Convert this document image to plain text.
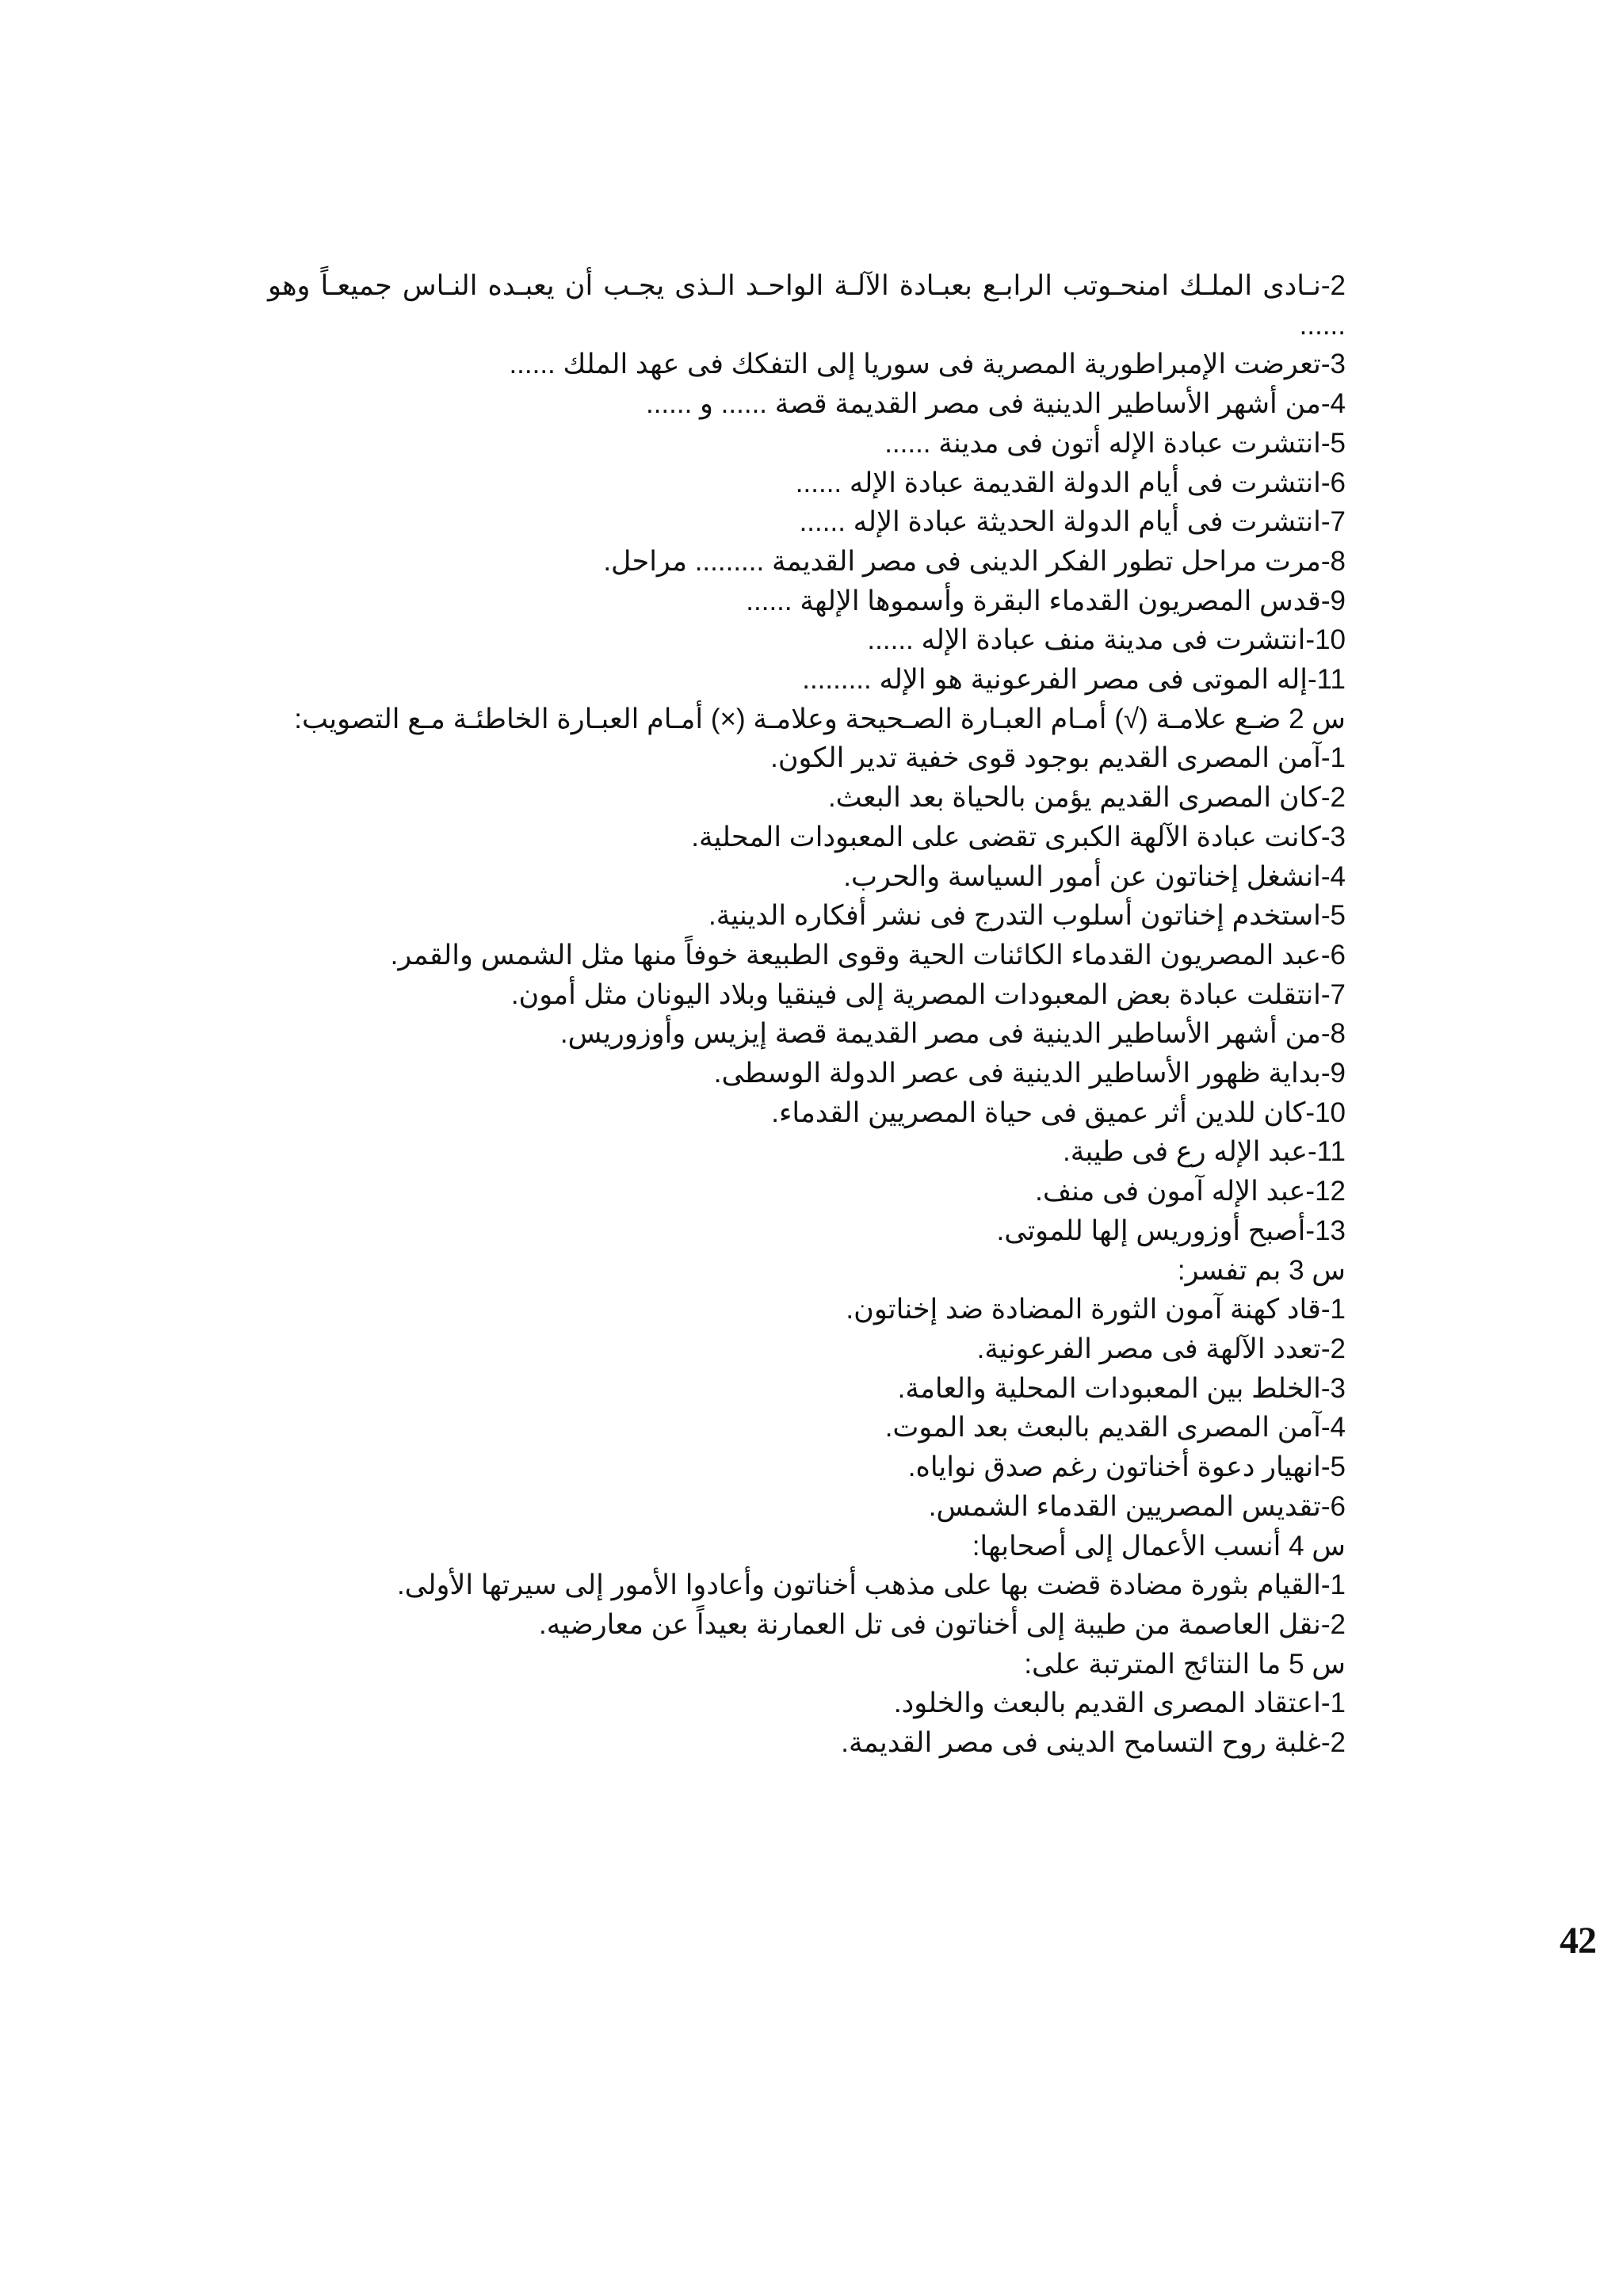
2-نـادى الملـك امنحـوتب الرابـع بعبـادة الآلـة الواحـد الـذى يجـب أن يعبـده النـاس جميعـاً وهو ......

3-تعرضت الإمبراطورية المصرية فى سوريا إلى التفكك فى عهد الملك ......

4-من أشهر الأساطير الدينية فى مصر القديمة قصة ...... و ......

5-انتشرت عبادة الإله أتون فى مدينة ......

6-انتشرت فى أيام الدولة القديمة عبادة الإله ......

7-انتشرت فى أيام الدولة الحديثة عبادة الإله ......

8-مرت مراحل تطور الفكر الدينى فى مصر القديمة ......... مراحل.

9-قدس المصريون القدماء البقرة وأسموها الإلهة ......

10-انتشرت فى مدينة منف عبادة الإله ......

11-إله الموتى فى مصر الفرعونية هو الإله .........

س 2 ضـع علامـة (√) أمـام العبـارة الصـحيحة وعلامـة (×) أمـام العبـارة الخاطئـة مـع التصويب:

1-آمن المصرى القديم بوجود قوى خفية تدير الكون.

2-كان المصرى القديم يؤمن بالحياة بعد البعث.

3-كانت عبادة الآلهة الكبرى تقضى على المعبودات المحلية.

4-انشغل إخناتون عن أمور السياسة والحرب.

5-استخدم إخناتون أسلوب التدرج فى نشر أفكاره الدينية.

6-عبد المصريون القدماء الكائنات الحية وقوى الطبيعة خوفاً منها مثل الشمس والقمر.

7-انتقلت عبادة بعض المعبودات المصرية إلى فينقيا وبلاد اليونان مثل أمون.

8-من أشهر الأساطير الدينية فى مصر القديمة قصة إيزيس وأوزوريس.

9-بداية ظهور الأساطير الدينية فى عصر الدولة الوسطى.

10-كان للدين أثر عميق فى حياة المصريين القدماء.

11-عبد الإله رع فى طيبة.

12-عبد الإله آمون فى منف.

13-أصبح أوزوريس إلها للموتى.

س 3 بم تفسر:

1-قاد كهنة آمون الثورة المضادة ضد إخناتون.

2-تعدد الآلهة فى مصر الفرعونية.

3-الخلط بين المعبودات المحلية والعامة.

4-آمن المصرى القديم بالبعث بعد الموت.

5-انهيار دعوة أخناتون رغم صدق نواياه.

6-تقديس المصريين القدماء الشمس.

س 4 أنسب الأعمال إلى أصحابها:

1-القيام بثورة مضادة قضت بها على مذهب أخناتون وأعادوا الأمور إلى سيرتها الأولى.

2-نقل العاصمة من طيبة إلى أخناتون فى تل العمارنة بعيداً عن معارضيه.

س 5 ما النتائج المترتبة على:

1-اعتقاد المصرى القديم بالبعث والخلود.

2-غلبة روح التسامح الدينى فى مصر القديمة.

42
